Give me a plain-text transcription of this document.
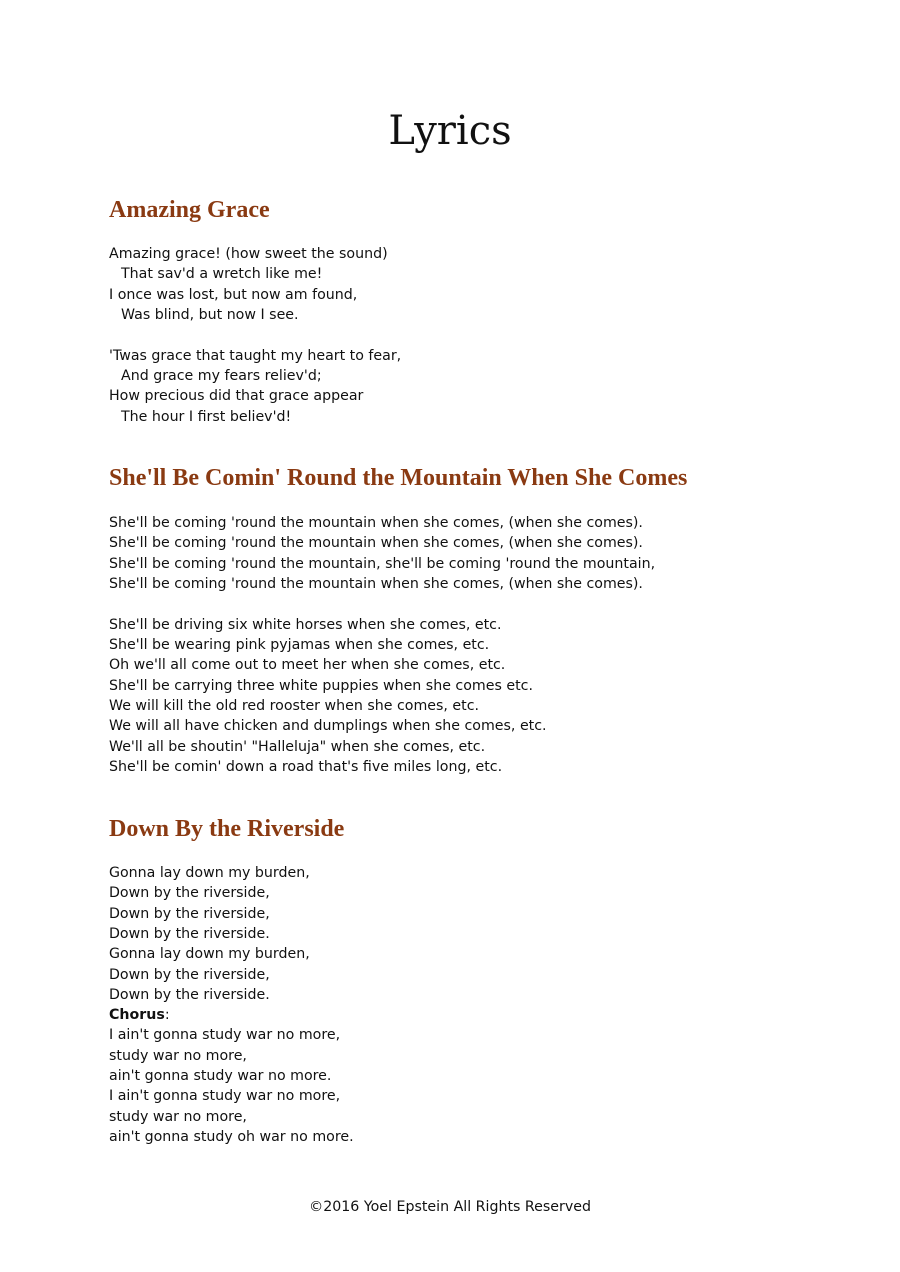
Lyrics
Amazing Grace

Amazing grace! (how sweet the sound)

That sav'd a wretch like me!

I once was lost, but now am found,

Was blind, but now I see.

'Twas grace that taught my heart to fear,

And grace my fears reliev'd;

How precious did that grace appear

The hour I first believ'd!

She'll Be Comin' Round the Mountain When She Comes

She'll be coming 'round the mountain when she comes, (when she comes).

She'll be coming 'round the mountain when she comes, (when she comes).

She'll be coming 'round the mountain, she'll be coming 'round the mountain,

She'll be coming 'round the mountain when she comes, (when she comes).

She'll be driving six white horses when she comes, etc.

She'll be wearing pink pyjamas when she comes, etc.

Oh we'll all come out to meet her when she comes, etc.

She'll be carrying three white puppies when she comes etc.

We will kill the old red rooster when she comes, etc.

We will all have chicken and dumplings when she comes, etc.

We'll all be shoutin' "Halleluja" when she comes, etc.

She'll be comin' down a road that's five miles long, etc.

Down By the Riverside

Gonna lay down my burden,

Down by the riverside,

Down by the riverside,

Down by the riverside.

Gonna lay down my burden,

Down by the riverside,

Down by the riverside.

Chorus:

I ain't gonna study war no more,

study war no more,

ain't gonna study war no more.

I ain't gonna study war no more,

study war no more,

ain't gonna study oh war no more.

©2016 Yoel Epstein All Rights Reserved
